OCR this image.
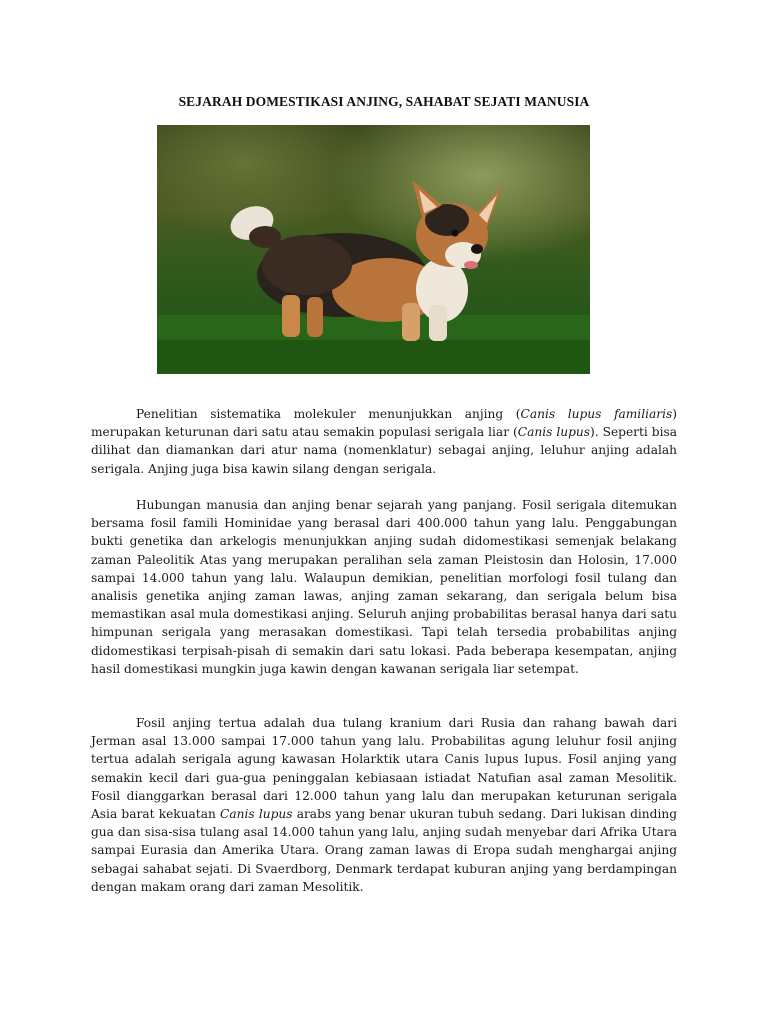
SEJARAH DOMESTIKASI ANJING, SAHABAT SEJATI MANUSIA

Penelitian sistematika molekuler menunjukkan anjing (Canis lupus familiaris) merupakan keturunan dari satu atau semakin populasi serigala liar (Canis lupus). Seperti bisa dilihat dan diamankan dari atur nama (nomenklatur) sebagai anjing, leluhur anjing adalah serigala. Anjing juga bisa kawin silang dengan serigala.

Hubungan manusia dan anjing benar sejarah yang panjang. Fosil serigala ditemukan bersama fosil famili Hominidae yang berasal dari 400.000 tahun yang lalu. Penggabungan bukti genetika dan arkelogis menunjukkan anjing sudah didomestikasi semenjak belakang zaman Paleolitik Atas yang merupakan peralihan sela zaman Pleistosin dan Holosin, 17.000 sampai 14.000 tahun yang lalu. Walaupun demikian, penelitian morfologi fosil tulang dan analisis genetika anjing zaman lawas, anjing zaman sekarang, dan serigala belum bisa memastikan asal mula domestikasi anjing. Seluruh anjing probabilitas berasal hanya dari satu himpunan serigala yang merasakan domestikasi. Tapi telah tersedia probabilitas anjing didomestikasi terpisah-pisah di semakin dari satu lokasi. Pada beberapa kesempatan, anjing hasil domestikasi mungkin juga kawin dengan kawanan serigala liar setempat.

Fosil anjing tertua adalah dua tulang kranium dari Rusia dan rahang bawah dari Jerman asal 13.000 sampai 17.000 tahun yang lalu. Probabilitas agung leluhur fosil anjing tertua adalah serigala agung kawasan Holarktik utara Canis lupus lupus. Fosil anjing yang semakin kecil dari gua-gua peninggalan kebiasaan istiadat Natufian asal zaman Mesolitik. Fosil dianggarkan berasal dari 12.000 tahun yang lalu dan merupakan keturunan serigala Asia barat kekuatan Canis lupus arabs yang benar ukuran tubuh sedang. Dari lukisan dinding gua dan sisa-sisa tulang asal 14.000 tahun yang lalu, anjing sudah menyebar dari Afrika Utara sampai Eurasia dan Amerika Utara. Orang zaman lawas di Eropa sudah menghargai anjing sebagai sahabat sejati. Di Svaerdborg, Denmark terdapat kuburan anjing yang berdampingan dengan makam orang dari zaman Mesolitik.
